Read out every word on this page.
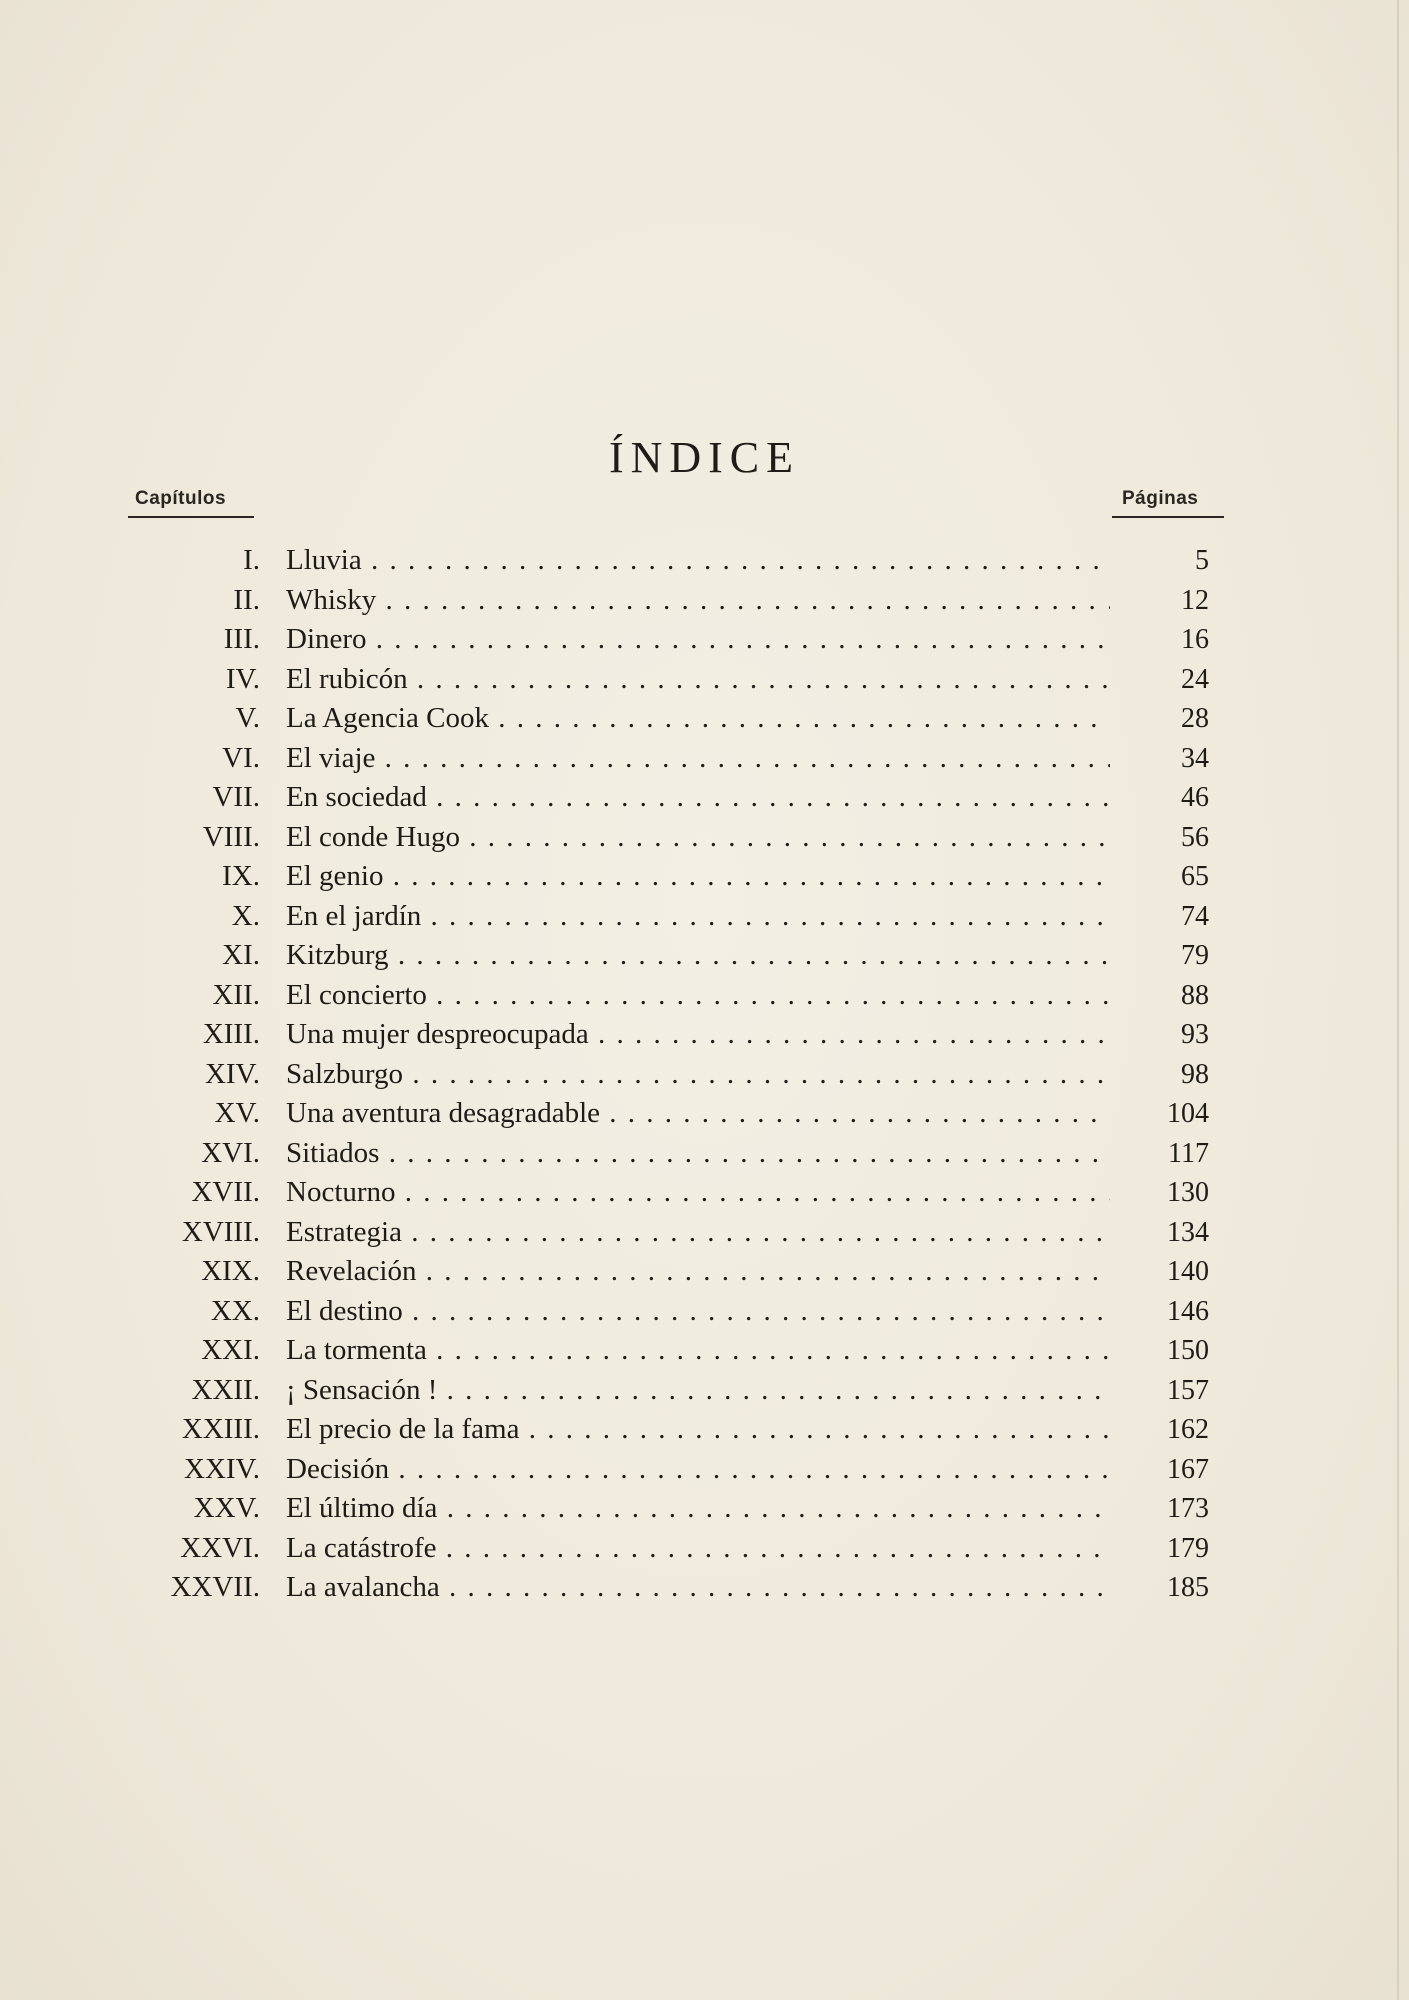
ÍNDICE
Capítulos	Páginas
I. Lluvia . . .	5
II. Whisky . . .	12
III. Dinero . . .	16
IV. El rubicón . . .	24
V. La Agencia Cook . . .	28
VI. El viaje . . .	34
VII. En sociedad . . .	46
VIII. El conde Hugo . . .	56
IX. El genio . . .	65
X. En el jardín . . .	74
XI. Kitzburg . . .	79
XII. El concierto . . .	88
XIII. Una mujer despreocupada . . .	93
XIV. Salzburgo . . .	98
XV. Una aventura desagradable . . .	104
XVI. Sitiados . . .	117
XVII. Nocturno . . .	130
XVIII. Estrategia . . .	134
XIX. Revelación . . .	140
XX. El destino . . .	146
XXI. La tormenta . . .	150
XXII. ¡ Sensación ! . . .	157
XXIII. El precio de la fama . . .	162
XXIV. Decisión . . .	167
XXV. El último día . . .	173
XXVI. La catástrofe . . .	179
XXVII. La avalancha . . .	185
